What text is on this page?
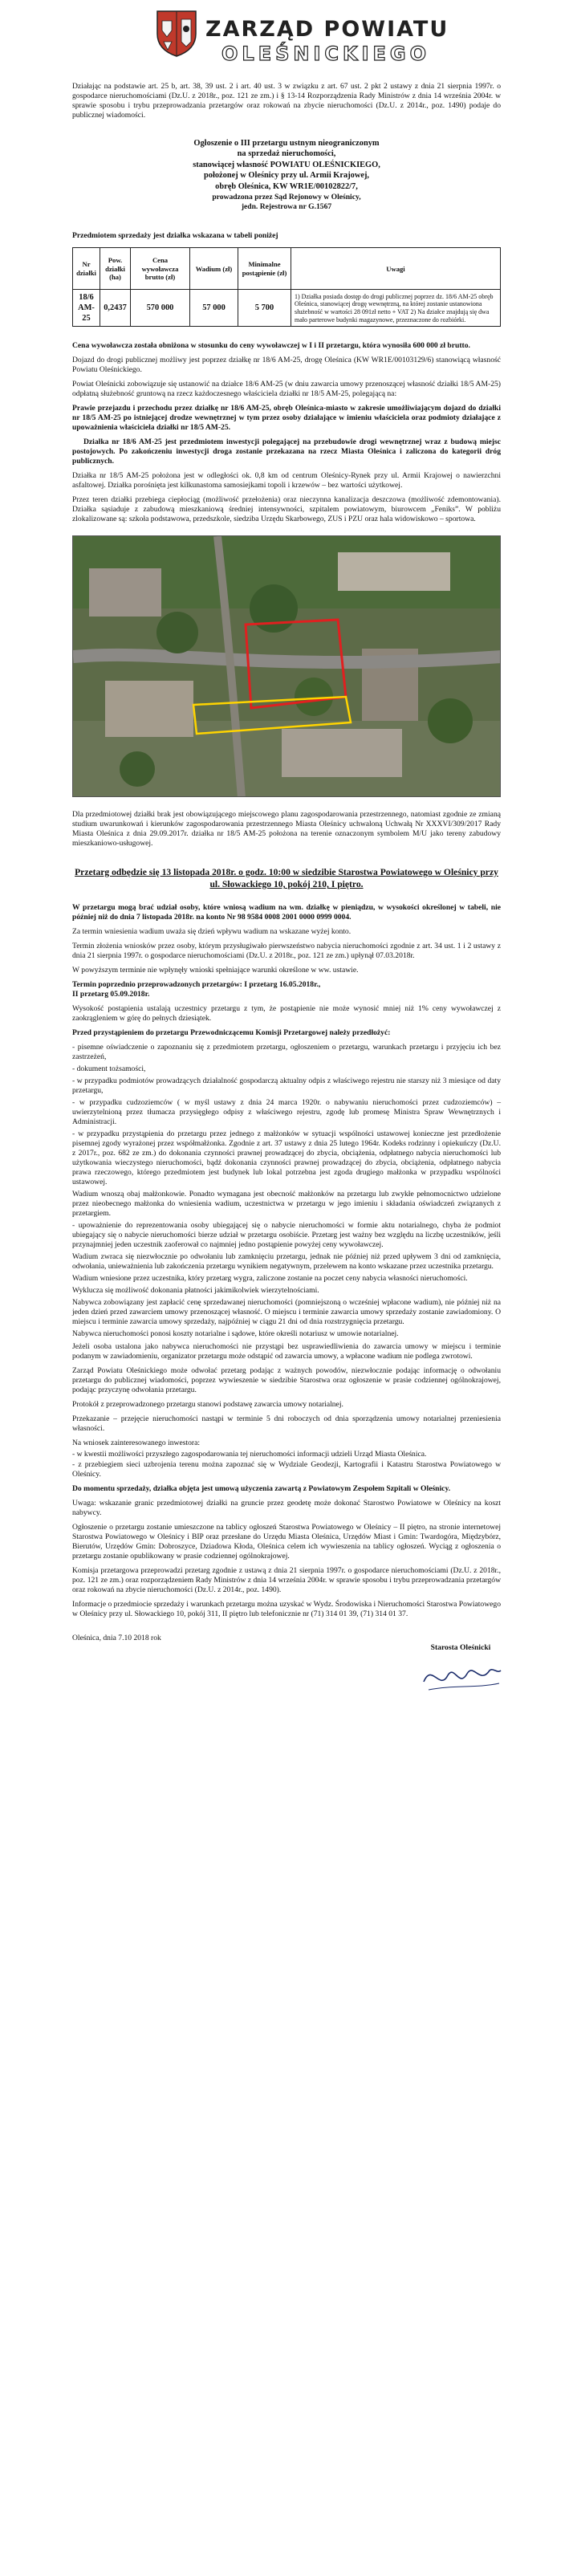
ZARZĄD POWIATU
OLEŚNICKIEGO

Działając na podstawie art. 25 b, art. 38, 39 ust. 2 i art. 40 ust. 3 w związku z art. 67 ust. 2 pkt 2 ustawy z dnia 21 sierpnia 1997r. o gospodarce nieruchomościami (Dz.U. z 2018r., poz. 121 ze zm.) i § 13-14 Rozporządzenia Rady Ministrów z dnia 14 września 2004r. w sprawie sposobu i trybu przeprowadzania przetargów oraz rokowań na zbycie nieruchomości (Dz.U. z 2014r., poz. 1490) podaje do publicznej wiadomości.

Ogłoszenie o III przetargu ustnym nieograniczonym
na sprzedaż nieruchomości,
stanowiącej własność POWIATU OLEŚNICKIEGO,
położonej w Oleśnicy przy ul. Armii Krajowej,
obręb Oleśnica, KW WR1E/00102822/7,
prowadzona przez Sąd Rejonowy w Oleśnicy,
jedn. Rejestrowa nr G.1567
Przedmiotem sprzedaży jest działka wskazana w tabeli poniżej
Nr działki	Pow. działki (ha)	Cena wywoławcza brutto (zł)	Wadium (zł)	Minimalne postąpienie (zł)	Uwagi
18/6 AM-25	0,2437	570 000	57 000	5 700	1) Działka posiada dostęp do drogi publicznej poprzez dz. 18/6 AM-25 obręb Oleśnica, stanowiącej drogę wewnętrzną, na której zostanie ustanowiona służebność w wartości 28 091zł netto + VAT 2) Na działce znajdują się dwa mało parterowe budynki magazynowe, przeznaczone do rozbiórki.

Cena wywoławcza została obniżona w stosunku do ceny wywoławczej w I i II przetargu, która wynosiła 600 000 zł brutto.

Dojazd do drogi publicznej możliwy jest poprzez działkę nr 18/6 AM-25, drogę Oleśnica (KW WR1E/00103129/6) stanowiącą własność Powiatu Oleśnickiego.

Powiat Oleśnicki zobowiązuje się ustanowić na działce 18/6 AM-25 (w dniu zawarcia umowy przenoszącej własność działki 18/5 AM-25) odpłatną służebność gruntową na rzecz każdoczesnego właściciela działki nr 18/5 AM-25, polegającą na:

Prawie przejazdu i przechodu przez działkę nr 18/6 AM-25, obręb Oleśnica-miasto w zakresie umożliwiającym dojazd do działki nr 18/5 AM-25 po istniejącej drodze wewnętrznej w tym przez osoby działające w imieniu właściciela oraz podmioty działające z upoważnienia właściciela działki nr 18/5 AM-25.

Działka nr 18/6 AM-25 jest przedmiotem inwestycji polegającej na przebudowie drogi wewnętrznej wraz z budową miejsc postojowych. Po zakończeniu inwestycji droga zostanie przekazana na rzecz Miasta Oleśnica i zaliczona do kategorii dróg publicznych.

Działka nr 18/5 AM-25 położona jest w odległości ok. 0,8 km od centrum Oleśnicy-Rynek przy ul. Armii Krajowej o nawierzchni asfaltowej. Działka porośnięta jest kilkunastoma samosiejkami topoli i krzewów – bez wartości użytkowej.

Przez teren działki przebiega ciepłociąg (możliwość przełożenia) oraz nieczynna kanalizacja deszczowa (możliwość zdemontowania). Działka sąsiaduje z zabudową mieszkaniową średniej intensywności, szpitalem powiatowym, biurowcem „Feniks”. W pobliżu zlokalizowane są: szkoła podstawowa, przedszkole, siedziba Urzędu Skarbowego, ZUS i PZU oraz hala widowiskowo – sportowa.

Dla przedmiotowej działki brak jest obowiązującego miejscowego planu zagospodarowania przestrzennego, natomiast zgodnie ze zmianą studium uwarunkowań i kierunków zagospodarowania przestrzennego Miasta Oleśnicy uchwaloną Uchwałą Nr XXXVI/309/2017 Rady Miasta Oleśnica z dnia 29.09.2017r. działka nr 18/5 AM-25 położona na terenie oznaczonym symbolem M/U jako tereny zabudowy mieszkaniowo-usługowej.

Przetarg odbędzie się 13 listopada 2018r. o godz. 10:00 w siedzibie Starostwa Powiatowego w Oleśnicy przy ul. Słowackiego 10, pokój 210, I piętro.

W przetargu mogą brać udział osoby, które wniosą wadium na wm. działkę w pieniądzu, w wysokości określonej w tabeli, nie później niż do dnia 7 listopada 2018r. na konto Nr 98 9584 0008 2001 0000 0999 0004.

Za termin wniesienia wadium uważa się dzień wpływu wadium na wskazane wyżej konto.

Termin złożenia wniosków przez osoby, którym przysługiwało pierwszeństwo nabycia nieruchomości zgodnie z art. 34 ust. 1 i 2 ustawy z dnia 21 sierpnia 1997r. o gospodarce nieruchomościami (Dz.U. z 2018r., poz. 121 ze zm.) upłynął 07.03.2018r.

W powyższym terminie nie wpłynęły wnioski spełniające warunki określone w ww. ustawie.

Termin poprzednio przeprowadzonych przetargów: I przetarg 16.05.2018r.,

II przetarg 05.09.2018r.

Wysokość postąpienia ustalają uczestnicy przetargu z tym, że postąpienie nie może wynosić mniej niż 1% ceny wywoławczej z zaokrągleniem w górę do pełnych dziesiątek.

Przed przystąpieniem do przetargu Przewodniczącemu Komisji Przetargowej należy przedłożyć:

- pisemne oświadczenie o zapoznaniu się z przedmiotem przetargu, ogłoszeniem o przetargu, warunkach przetargu i przyjęciu ich bez zastrzeżeń,
- dokument tożsamości,
- w przypadku podmiotów prowadzących działalność gospodarczą aktualny odpis z właściwego rejestru nie starszy niż 3 miesiące od daty przetargu,
- w przypadku cudzoziemców ( w myśl ustawy z dnia 24 marca 1920r. o nabywaniu nieruchomości przez cudzoziemców) – uwierzytelnioną przez tłumacza przysięgłego odpisy z właściwego rejestru, zgodę lub promesę Ministra Spraw Wewnętrznych i Administracji.
- w przypadku przystąpienia do przetargu przez jednego z małżonków w sytuacji wspólności ustawowej konieczne jest przedłożenie pisemnej zgody wyrażonej przez współmałżonka. Zgodnie z art. 37 ustawy z dnia 25 lutego 1964r. Kodeks rodzinny i opiekuńczy (Dz.U. z 2017r., poz. 682 ze zm.) do dokonania czynności prawnej prowadzącej do zbycia, obciążenia, odpłatnego nabycia nieruchomości lub użytkowania wieczystego nieruchomości, bądź dokonania czynności prawnej prowadzącej do zbycia, obciążenia, odpłatnego nabycia prawa rzeczowego, którego przedmiotem jest budynek lub lokal potrzebna jest zgoda drugiego małżonka w przypadku wspólności ustawowej.
Wadium wnoszą obaj małżonkowie. Ponadto wymagana jest obecność małżonków na przetargu lub zwykłe pełnomocnictwo udzielone przez nieobecnego małżonka do wniesienia wadium, uczestnictwa w przetargu w jego imieniu i składania oświadczeń związanych z przetargiem.
- upoważnienie do reprezentowania osoby ubiegającej się o nabycie nieruchomości w formie aktu notarialnego, chyba że podmiot ubiegający się o nabycie nieruchomości bierze udział w przetargu osobiście. Przetarg jest ważny bez względu na liczbę uczestników, jeśli przynajmniej jeden uczestnik zaoferował co najmniej jedno postąpienie powyżej ceny wywoławczej.
Wadium zwraca się niezwłocznie po odwołaniu lub zamknięciu przetargu, jednak nie później niż przed upływem 3 dni od zamknięcia, odwołania, unieważnienia lub zakończenia przetargu wynikiem negatywnym, przelewem na konto wskazane przez uczestnika przetargu.
Wadium wniesione przez uczestnika, który przetarg wygra, zaliczone zostanie na poczet ceny nabycia własności nieruchomości.
Wyklucza się możliwość dokonania płatności jakimikolwiek wierzytelnościami.
Nabywca zobowiązany jest zapłacić cenę sprzedawanej nieruchomości (pomniejszoną o wcześniej wpłacone wadium), nie później niż na jeden dzień przed zawarciem umowy przenoszącej własność. O miejscu i terminie zawarcia umowy sprzedaży zostanie zawiadomiony. O miejscu i terminie zawarcia umowy sprzedaży, najpóźniej w ciągu 21 dni od dnia rozstrzygnięcia przetargu.
Nabywca nieruchomości ponosi koszty notarialne i sądowe, które określi notariusz w umowie notarialnej.

Jeżeli osoba ustalona jako nabywca nieruchomości nie przystąpi bez usprawiedliwienia do zawarcia umowy w miejscu i terminie podanym w zawiadomieniu, organizator przetargu może odstąpić od zawarcia umowy, a wpłacone wadium nie podlega zwrotowi.

Zarząd Powiatu Oleśnickiego może odwołać przetarg podając z ważnych powodów, niezwłocznie podając informację o odwołaniu przetargu do publicznej wiadomości, poprzez wywieszenie w siedzibie Starostwa oraz ogłoszenie w prasie codziennej ogólnokrajowej, podając przyczynę odwołania przetargu.

Protokół z przeprowadzonego przetargu stanowi podstawę zawarcia umowy notarialnej.

Przekazanie – przejęcie nieruchomości nastąpi w terminie 5 dni roboczych od dnia sporządzenia umowy notarialnej przeniesienia własności.

Na wniosek zainteresowanego inwestora:

- w kwestii możliwości przyszłego zagospodarowania tej nieruchomości informacji udzieli Urząd Miasta Oleśnica.

- z przebiegiem sieci uzbrojenia terenu można zapoznać się w Wydziale Geodezji, Kartografii i Katastru Starostwa Powiatowego w Oleśnicy.

Do momentu sprzedaży, działka objęta jest umową użyczenia zawartą z Powiatowym Zespołem Szpitali w Oleśnicy.

Uwaga: wskazanie granic przedmiotowej działki na gruncie przez geodetę może dokonać Starostwo Powiatowe w Oleśnicy na koszt nabywcy.

Ogłoszenie o przetargu zostanie umieszczone na tablicy ogłoszeń Starostwa Powiatowego w Oleśnicy – II piętro, na stronie internetowej Starostwa Powiatowego w Oleśnicy i BIP oraz przesłane do Urzędu Miasta Oleśnica, Urzędów Miast i Gmin: Twardogóra, Międzybórz, Bierutów, Urzędów Gmin: Dobroszyce, Dziadowa Kłoda, Oleśnica celem ich wywieszenia na tablicy ogłoszeń. Wyciąg z ogłoszenia o przetargu zostanie opublikowany w prasie codziennej ogólnokrajowej.

Komisja przetargowa przeprowadzi przetarg zgodnie z ustawą z dnia 21 sierpnia 1997r. o gospodarce nieruchomościami (Dz.U. z 2018r., poz. 121 ze zm.) oraz rozporządzeniem Rady Ministrów z dnia 14 września 2004r. w sprawie sposobu i trybu przeprowadzania przetargów oraz rokowań na zbycie nieruchomości (Dz.U. z 2014r., poz. 1490).

Informacje o przedmiocie sprzedaży i warunkach przetargu można uzyskać w Wydz. Środowiska i Nieruchomości Starostwa Powiatowego w Oleśnicy przy ul. Słowackiego 10, pokój 311, II piętro lub telefonicznie nr (71) 314 01 39, (71) 314 01 37.

Oleśnica, dnia 7.10 2018 rok
Starosta Oleśnicki
